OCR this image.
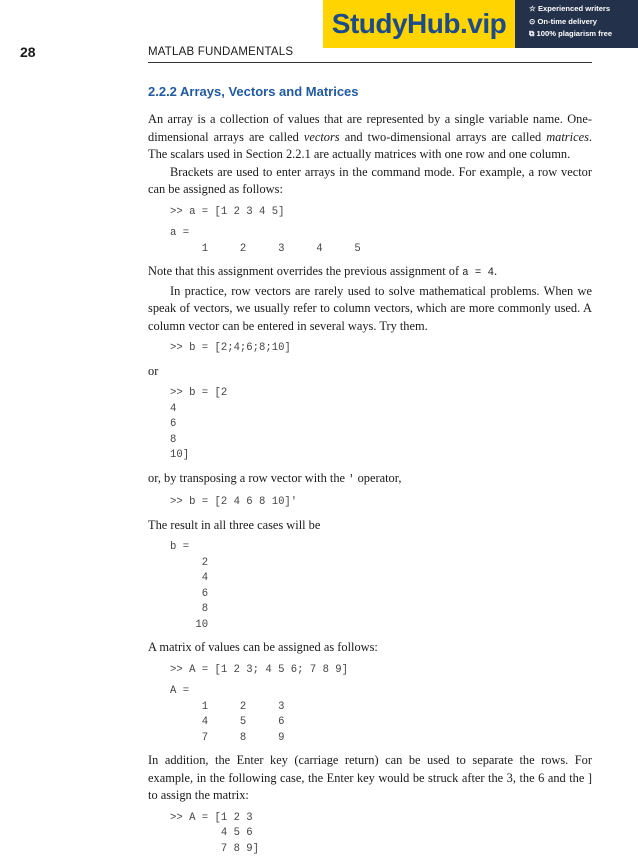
28	MATLAB FUNDAMENTALS
StudyHub.vip	☆ Experienced writers
⊙ On-time delivery
⧉ 100% plagiarism free
2.2.2 Arrays, Vectors and Matrices

An array is a collection of values that are represented by a single variable name. One-dimensional arrays are called vectors and two-dimensional arrays are called matrices. The scalars used in Section 2.2.1 are actually matrices with one row and one column.

Brackets are used to enter arrays in the command mode. For example, a row vector can be assigned as follows:

>> a = [1 2 3 4 5]
a =
1     2     3     4     5

Note that this assignment overrides the previous assignment of a = 4.

In practice, row vectors are rarely used to solve mathematical problems. When we speak of vectors, we usually refer to column vectors, which are more commonly used. A column vector can be entered in several ways. Try them.

>> b = [2;4;6;8;10]

or

>> b = [2
4
6
8
10]

or, by transposing a row vector with the ' operator,

>> b = [2 4 6 8 10]'

The result in all three cases will be

b =
2
4
6
8
10

A matrix of values can be assigned as follows:

>> A = [1 2 3; 4 5 6; 7 8 9]
A =
1     2     3
4     5     6
7     8     9

In addition, the Enter key (carriage return) can be used to separate the rows. For example, in the following case, the Enter key would be struck after the 3, the 6 and the ] to assign the matrix:

>> A = [1 2 3
4 5 6
7 8 9]
